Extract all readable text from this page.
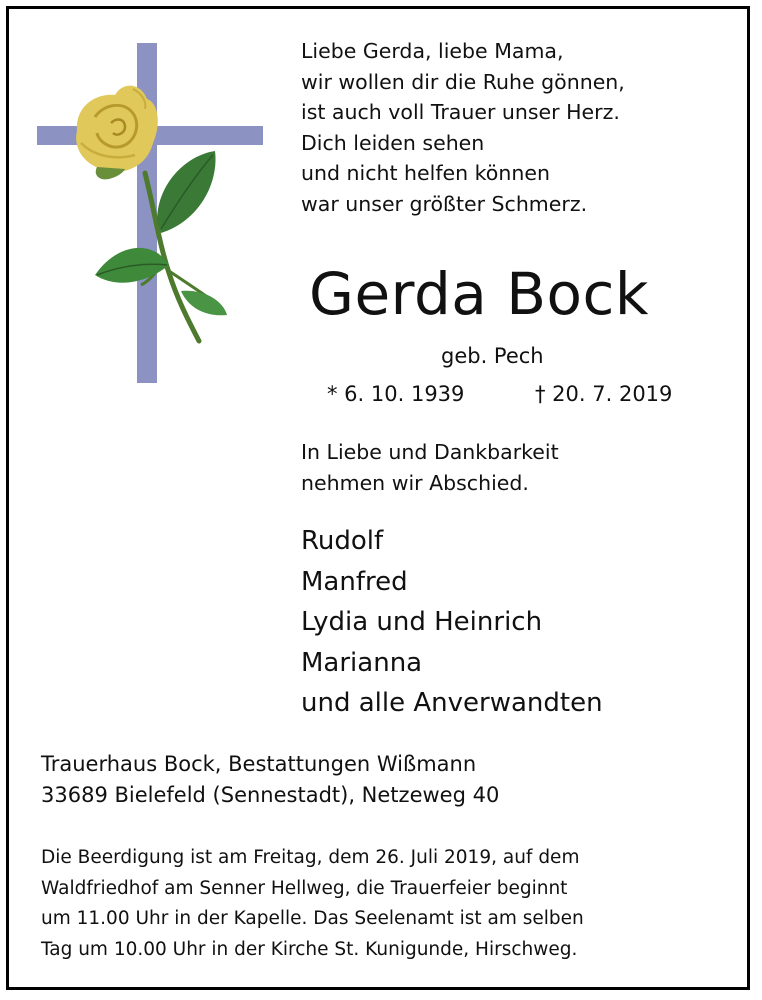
Liebe Gerda, liebe Mama,
wir wollen dir die Ruhe gönnen,
ist auch voll Trauer unser Herz.
Dich leiden sehen
und nicht helfen können
war unser größter Schmerz.
Gerda Bock
geb. Pech
* 6. 10. 1939	† 20. 7. 2019
In Liebe und Dankbarkeit
nehmen wir Abschied.
Rudolf
Manfred
Lydia und Heinrich
Marianna
und alle Anverwandten
Trauerhaus Bock, Bestattungen Wißmann
33689 Bielefeld (Sennestadt), Netzeweg 40
Die Beerdigung ist am Freitag, dem 26. Juli 2019, auf dem
Waldfriedhof am Senner Hellweg, die Trauerfeier beginnt
um 11.00 Uhr in der Kapelle. Das Seelenamt ist am selben
Tag um 10.00 Uhr in der Kirche St. Kunigunde, Hirschweg.
